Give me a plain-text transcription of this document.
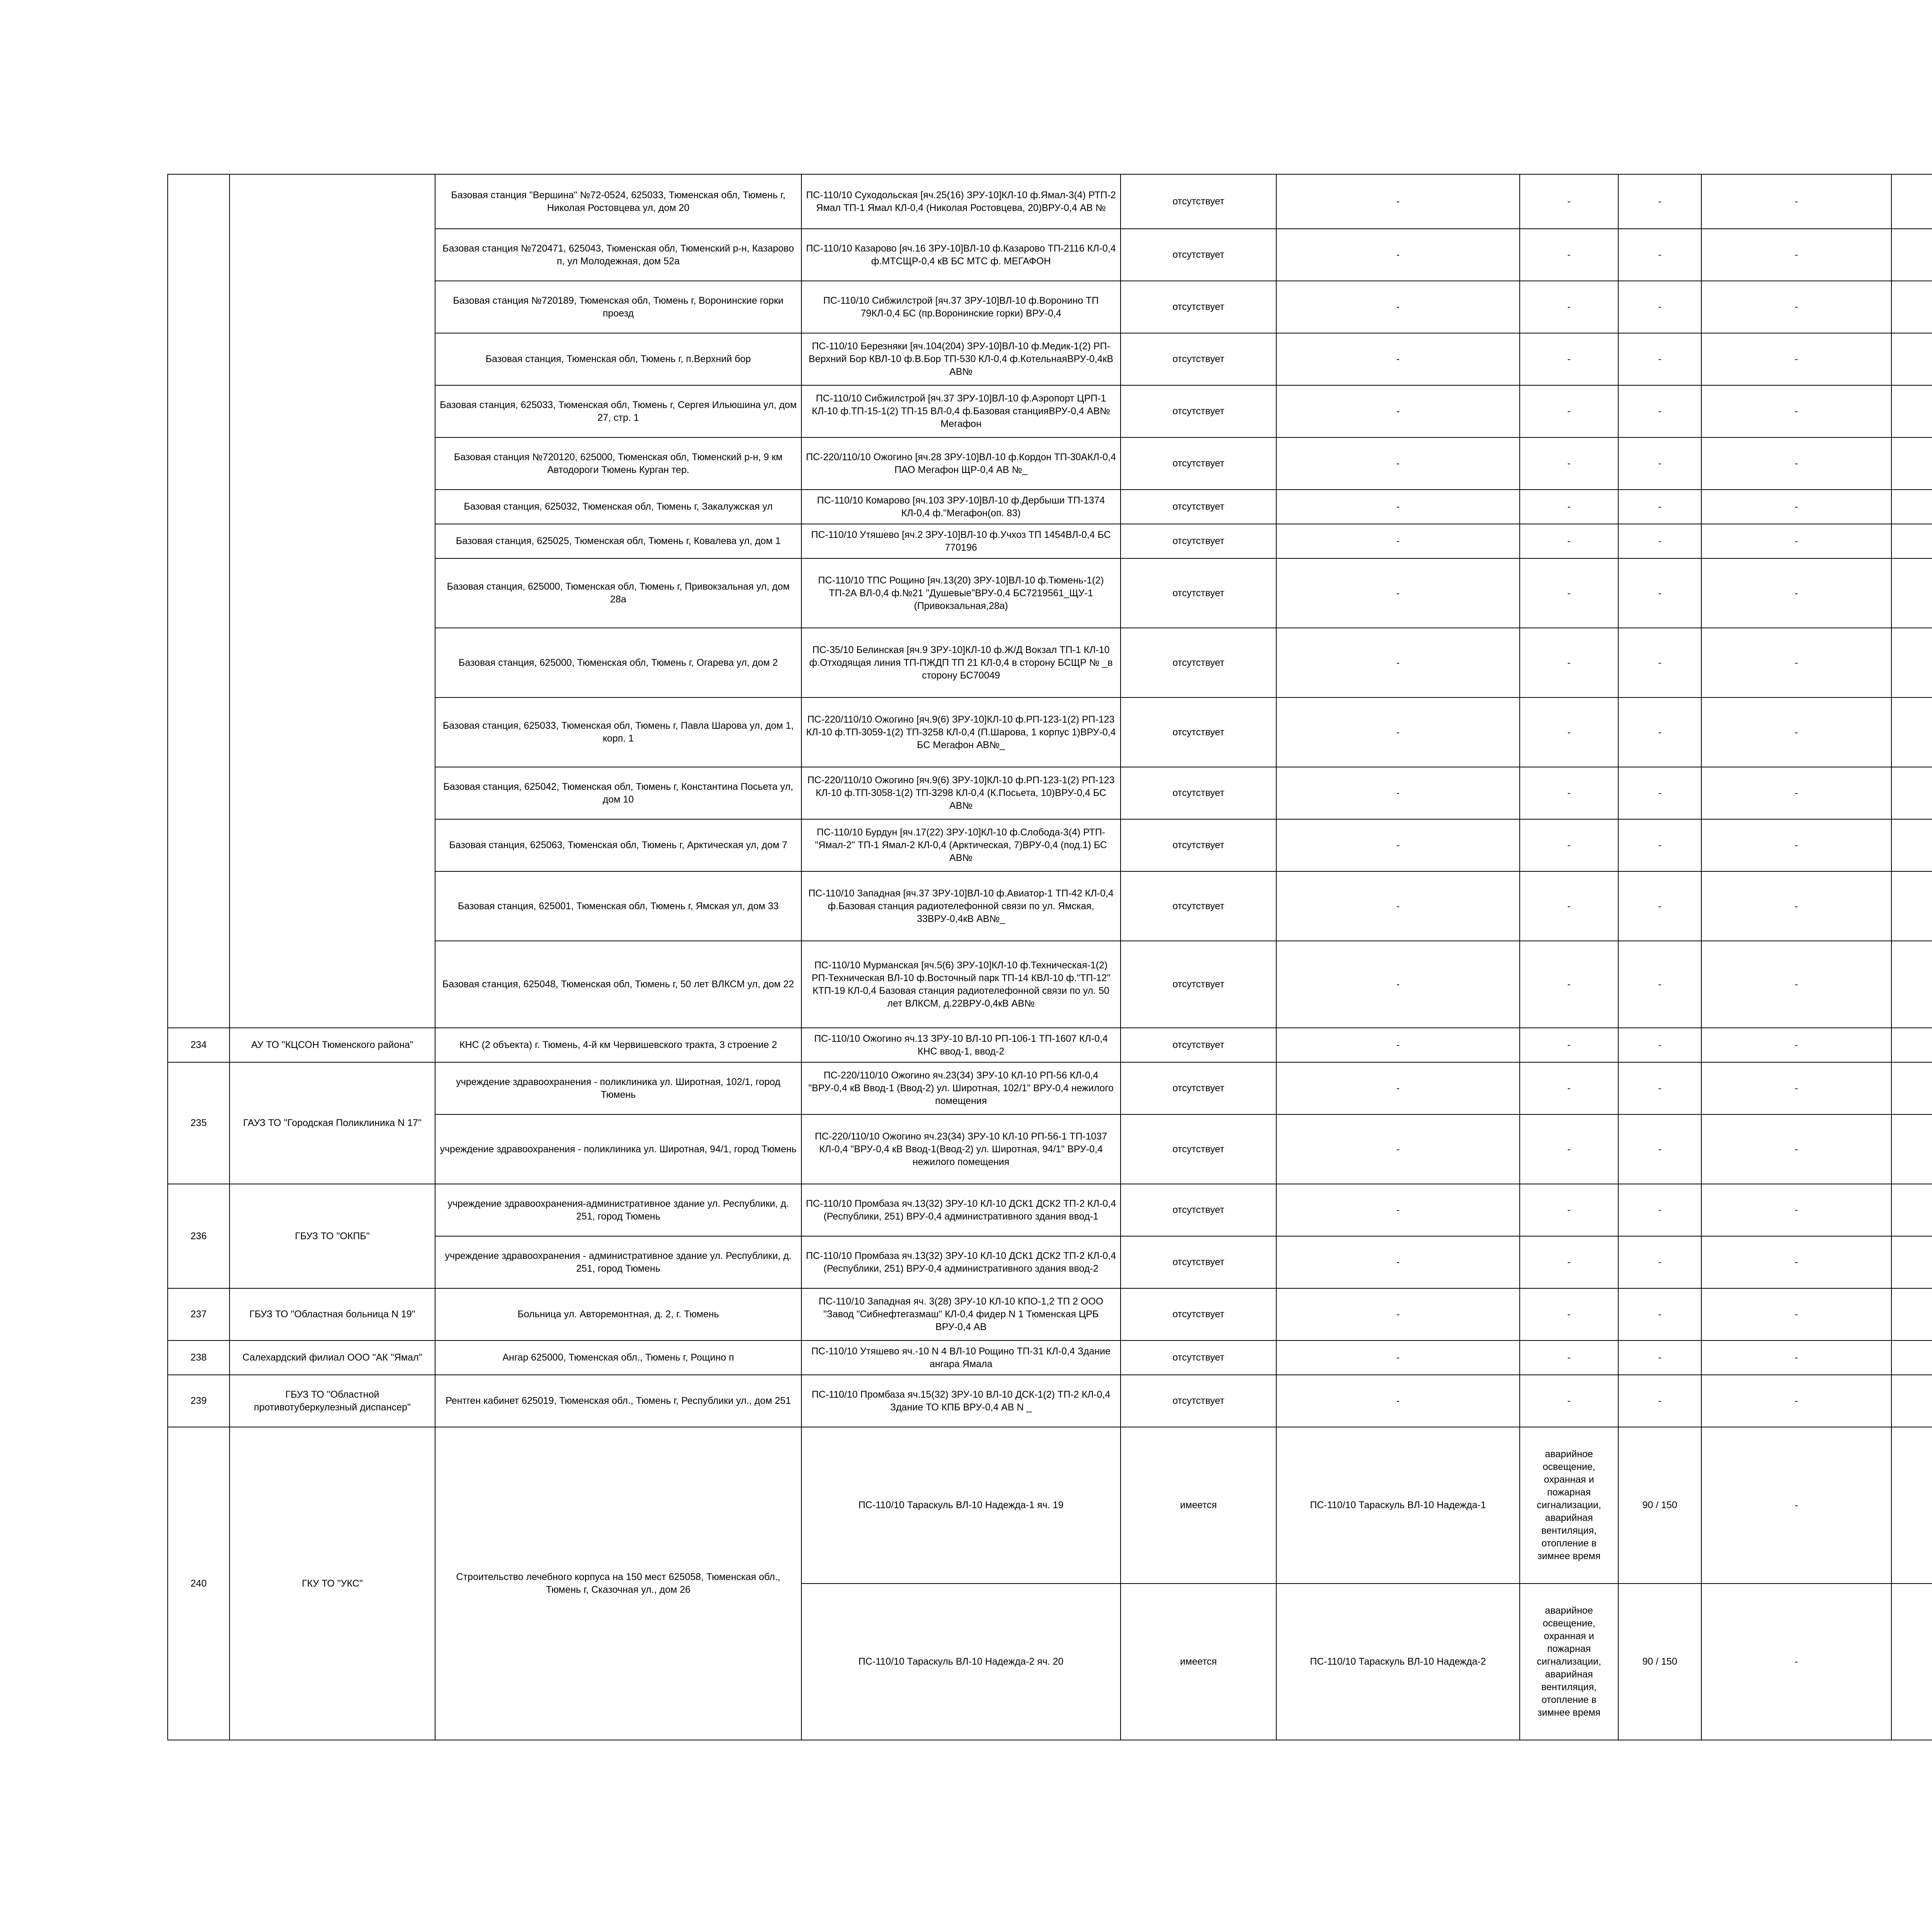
		Базовая станция "Вершина" №72-0524, 625033, Тюменская обл, Тюмень г, Николая Ростовцева ул, дом 20	ПС-110/10 Суходольская [яч.25(16) ЗРУ-10]КЛ-10 ф.Ямал-3(4) РТП-2 Ямал ТП-1 Ямал КЛ-0,4 (Николая Ростовцева, 20)ВРУ-0,4 АВ №	отсутствует	-	-	-	-		
		Базовая станция №720471, 625043, Тюменская обл, Тюменский р-н, Казарово п, ул Молодежная, дом 52а	ПС-110/10 Казарово [яч.16 ЗРУ-10]ВЛ-10 ф.Казарово ТП-2116 КЛ-0,4 ф.МТСЩР-0,4 кВ БС МТС ф. МЕГАФОН	отсутствует	-	-	-	-		
		Базовая станция №720189, Тюменская обл, Тюмень г, Воронинские горки проезд	ПС-110/10 Сибжилстрой [яч.37 ЗРУ-10]ВЛ-10 ф.Воронино ТП 79КЛ-0,4 БС (пр.Воронинские горки) ВРУ-0,4	отсутствует	-	-	-	-		
		Базовая станция, Тюменская обл, Тюмень г, п.Верхний бор	ПС-110/10 Березняки [яч.104(204) ЗРУ-10]ВЛ-10 ф.Медик-1(2) РП-Верхний Бор КВЛ-10 ф.В.Бор ТП-530 КЛ-0,4 ф.КотельнаяВРУ-0,4кВ АВ№	отсутствует	-	-	-	-		
		Базовая станция, 625033, Тюменская обл, Тюмень г, Сергея Ильюшина ул, дом 27, стр. 1	ПС-110/10 Сибжилстрой [яч.37 ЗРУ-10]ВЛ-10 ф.Аэропорт ЦРП-1 КЛ-10 ф.ТП-15-1(2) ТП-15 ВЛ-0,4 ф.Базовая станцияВРУ-0,4 АВ№ Мегафон	отсутствует	-	-	-	-		
		Базовая станция №720120, 625000, Тюменская обл, Тюменский р-н, 9 км Автодороги Тюмень Курган тер.	ПС-220/110/10 Ожогино [яч.28 ЗРУ-10]ВЛ-10 ф.Кордон ТП-30АКЛ-0,4 ПАО Мегафон ЩР-0,4 АВ №_	отсутствует	-	-	-	-		
		Базовая станция, 625032, Тюменская обл, Тюмень г, Закалужская ул	ПС-110/10 Комарово [яч.103 ЗРУ-10]ВЛ-10 ф.Дербыши ТП-1374 КЛ-0,4 ф."Мегафон(оп. 83)	отсутствует	-	-	-	-		
		Базовая станция, 625025, Тюменская обл, Тюмень г, Ковалева ул, дом 1	ПС-110/10 Утяшево [яч.2 ЗРУ-10]ВЛ-10 ф.Учхоз ТП 1454ВЛ-0,4 БС 770196	отсутствует	-	-	-	-		
		Базовая станция, 625000, Тюменская обл, Тюмень г, Привокзальная ул, дом 28а	ПС-110/10 ТПС Рощино [яч.13(20) ЗРУ-10]ВЛ-10 ф.Тюмень-1(2) ТП-2А ВЛ-0,4 ф.№21 "Душевые"ВРУ-0,4 БС7219561_ЩУ-1 (Привокзальная,28а)	отсутствует	-	-	-	-		
		Базовая станция, 625000, Тюменская обл, Тюмень г, Огарева ул, дом 2	ПС-35/10 Белинская [яч.9 ЗРУ-10]КЛ-10 ф.Ж/Д Вокзал ТП-1 КЛ-10 ф.Отходящая линия ТП-ПЖДП ТП 21 КЛ-0,4 в сторону БСЩР № _в сторону БС70049	отсутствует	-	-	-	-		
		Базовая станция, 625033, Тюменская обл, Тюмень г, Павла Шарова ул, дом 1, корп. 1	ПС-220/110/10 Ожогино [яч.9(6) ЗРУ-10]КЛ-10 ф.РП-123-1(2) РП-123 КЛ-10 ф.ТП-3059-1(2) ТП-3258 КЛ-0,4 (П.Шарова, 1 корпус 1)ВРУ-0,4 БС Мегафон АВ№_	отсутствует	-	-	-	-		
		Базовая станция, 625042, Тюменская обл, Тюмень г, Константина Посьета ул, дом 10	ПС-220/110/10 Ожогино [яч.9(6) ЗРУ-10]КЛ-10 ф.РП-123-1(2) РП-123 КЛ-10 ф.ТП-3058-1(2) ТП-3298 КЛ-0,4 (К.Посьета, 10)ВРУ-0,4 БС АВ№	отсутствует	-	-	-	-		
		Базовая станция, 625063, Тюменская обл, Тюмень г, Арктическая ул, дом 7	ПС-110/10 Бурдун [яч.17(22) ЗРУ-10]КЛ-10 ф.Слобода-3(4) РТП-"Ямал-2" ТП-1 Ямал-2 КЛ-0,4 (Арктическая, 7)ВРУ-0,4 (под.1) БС АВ№	отсутствует	-	-	-	-		
		Базовая станция, 625001, Тюменская обл, Тюмень г, Ямская ул, дом 33	ПС-110/10 Западная [яч.37 ЗРУ-10]ВЛ-10 ф.Авиатор-1 ТП-42 КЛ-0,4 ф.Базовая станция радиотелефонной связи по ул. Ямская, 33ВРУ-0,4кВ АВ№_	отсутствует	-	-	-	-		
		Базовая станция, 625048, Тюменская обл, Тюмень г, 50 лет ВЛКСМ ул, дом 22	ПС-110/10 Мурманская [яч.5(6) ЗРУ-10]КЛ-10 ф.Техническая-1(2) РП-Техническая ВЛ-10 ф.Восточный парк ТП-14 КВЛ-10 ф."ТП-12" КТП-19 КЛ-0,4 Базовая станция радиотелефонной связи по ул. 50 лет ВЛКСМ, д.22ВРУ-0,4кВ АВ№	отсутствует	-	-	-	-		
234	АУ ТО "КЦСОН Тюменского района"	КНС (2 объекта) г. Тюмень, 4-й км Червишевского тракта, 3 строение 2	ПС-110/10 Ожогино яч.13 ЗРУ-10 ВЛ-10 РП-106-1 ТП-1607 КЛ-0,4 КНС ввод-1, ввод-2	отсутствует	-	-	-	-		
235	ГАУЗ ТО "Городская Поликлиника N 17"	учреждение здравоохранения - поликлиника ул. Широтная, 102/1, город Тюмень	ПС-220/110/10 Ожогино яч.23(34) ЗРУ-10 КЛ-10 РП-56 КЛ-0,4 "ВРУ-0,4 кВ Ввод-1 (Ввод-2) ул. Широтная, 102/1" ВРУ-0,4 нежилого помещения	отсутствует	-	-	-	-		
		учреждение здравоохранения - поликлиника ул. Широтная, 94/1, город Тюмень	ПС-220/110/10 Ожогино яч.23(34) ЗРУ-10 КЛ-10 РП-56-1 ТП-1037 КЛ-0,4 "ВРУ-0,4 кВ Ввод-1(Ввод-2) ул. Широтная, 94/1" ВРУ-0,4 нежилого помещения	отсутствует	-	-	-	-		
236	ГБУЗ ТО "ОКПБ"	учреждение здравоохранения-административное здание ул. Республики, д. 251, город Тюмень	ПС-110/10 Промбаза яч.13(32) ЗРУ-10 КЛ-10 ДСК1 ДСК2 ТП-2 КЛ-0,4 (Республики, 251) ВРУ-0,4 административного здания ввод-1	отсутствует	-	-	-	-		
		учреждение здравоохранения - административное здание ул. Республики, д. 251, город Тюмень	ПС-110/10 Промбаза яч.13(32) ЗРУ-10 КЛ-10 ДСК1 ДСК2 ТП-2 КЛ-0,4 (Республики, 251) ВРУ-0,4 административного здания ввод-2	отсутствует	-	-	-	-		
237	ГБУЗ ТО "Областная больница N 19"	Больница ул. Авторемонтная, д. 2, г. Тюмень	ПС-110/10 Западная яч. 3(28) ЗРУ-10 КЛ-10 КПО-1,2 ТП 2 ООО "Завод "Сибнефтегазмаш" КЛ-0,4 фидер N 1 Тюменская ЦРБ ВРУ-0,4 АВ	отсутствует	-	-	-	-		
238	Салехардский филиал ООО "АК "Ямал"	Ангар 625000, Тюменская обл., Тюмень г, Рощино п	ПС-110/10 Утяшево яч.-10 N 4 ВЛ-10 Рощино ТП-31 КЛ-0,4 Здание ангара Ямала	отсутствует	-	-	-	-		
239	ГБУЗ ТО "Областной противотуберкулезный диспансер"	Рентген кабинет 625019, Тюменская обл., Тюмень г, Республики ул., дом 251	ПС-110/10 Промбаза яч.15(32) ЗРУ-10 ВЛ-10 ДСК-1(2) ТП-2 КЛ-0,4 Здание ТО КПБ ВРУ-0,4 АВ N _	отсутствует	-	-	-	-		
240	ГКУ ТО "УКС"	Строительство лечебного корпуса на 150 мест 625058, Тюменская обл., Тюмень г, Сказочная ул., дом 26	ПС-110/10 Тараскуль ВЛ-10 Надежда-1 яч. 19	имеется	ПС-110/10 Тараскуль ВЛ-10 Надежда-1	аварийное освещение, охранная и пожарная сигнализации, аварийная вентиляция, отопление в зимнее время	90 / 150	-		
			ПС-110/10 Тараскуль ВЛ-10 Надежда-2 яч. 20	имеется	ПС-110/10 Тараскуль ВЛ-10 Надежда-2	аварийное освещение, охранная и пожарная сигнализации, аварийная вентиляция, отопление в зимнее время	90 / 150	-		
